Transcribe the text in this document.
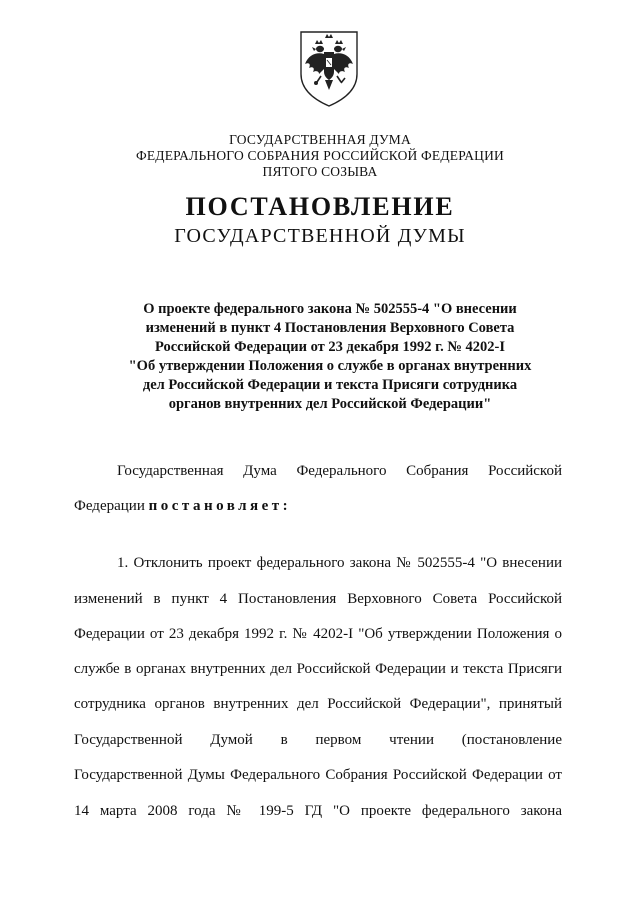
ГОСУДАРСТВЕННАЯ ДУМА
ФЕДЕРАЛЬНОГО СОБРАНИЯ РОССИЙСКОЙ ФЕДЕРАЦИИ
ПЯТОГО СОЗЫВА
ПОСТАНОВЛЕНИЕ
ГОСУДАРСТВЕННОЙ ДУМЫ
О проекте федерального закона № 502555-4 "О внесении
изменений в пункт 4 Постановления Верховного Совета
Российской Федерации от 23 декабря 1992 г. № 4202-I
"Об утверждении Положения о службе в органах внутренних
дел Российской Федерации и текста Присяги сотрудника
органов внутренних дел Российской Федерации"
Государственная Дума Федерального Собрания Российской
Федерации постановляет:
1. Отклонить проект федерального закона № 502555-4 "О внесении
изменений в пункт 4 Постановления Верховного Совета Российской
Федерации от 23 декабря 1992 г. № 4202-I "Об утверждении Положения о
службе в органах внутренних дел Российской Федерации и текста Присяги
сотрудника органов внутренних дел Российской Федерации", принятый
Государственной Думой в первом чтении (постановление
Государственной Думы Федерального Собрания Российской Федерации от
14 марта 2008 года № 199-5 ГД "О проекте федерального закона
